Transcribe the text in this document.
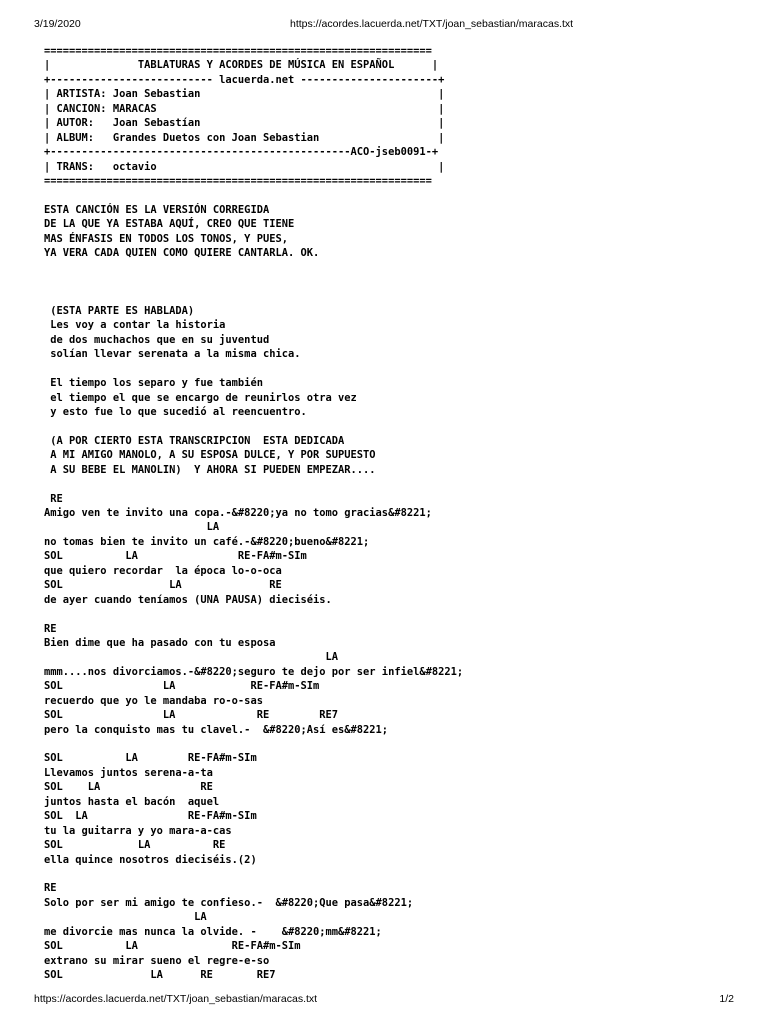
3/19/2020	https://acordes.lacuerda.net/TXT/joan_sebastian/maracas.txt
==============================================================
|              TABLATURAS Y ACORDES DE MÚSICA EN ESPAÑOL      |
+-------------------------- lacuerda.net ----------------------+
| ARTISTA: Joan Sebastian                                      |
| CANCION: MARACAS                                             |
| AUTOR:   Joan Sebastían                                      |
| ALBUM:   Grandes Duetos con Joan Sebastian                   |
+------------------------------------------------ACO-jseb0091-+
| TRANS:   octavio                                             |
==============================================================
ESTA CANCIÓN ES LA VERSIÓN CORREGIDA
DE LA QUE YA ESTABA AQUÍ, CREO QUE TIENE
MAS ÉNFASIS EN TODOS LOS TONOS, Y PUES,
YA VERA CADA QUIEN COMO QUIERE CANTARLA. OK.
(ESTA PARTE ES HABLADA)
Les voy a contar la historia
de dos muchachos que en su juventud
solían llevar serenata a la misma chica.
El tiempo los separo y fue también
el tiempo el que se encargo de reunirlos otra vez
y esto fue lo que sucedió al reencuentro.
(A POR CIERTO ESTA TRANSCRIPCION  ESTA DEDICADA
A MI AMIGO MANOLO, A SU ESPOSA DULCE, Y POR SUPUESTO
A SU BEBE EL MANOLIN)  Y AHORA SI PUEDEN EMPEZAR....
RE
Amigo ven te invito una copa.-&#8220;ya no tomo gracias&#8221;
LA
no tomas bien te invito un café.-&#8220;bueno&#8221;
SOL          LA                RE-FA#m-SIm
que quiero recordar  la época lo-o-oca
SOL                 LA              RE
de ayer cuando teníamos (UNA PAUSA) dieciséis.
RE
Bien dime que ha pasado con tu esposa
LA
mmm....nos divorciamos.-&#8220;seguro te dejo por ser infiel&#8221;
SOL                LA            RE-FA#m-SIm
recuerdo que yo le mandaba ro-o-sas
SOL                LA             RE        RE7
pero la conquisto mas tu clavel.-  &#8220;Así es&#8221;
SOL          LA        RE-FA#m-SIm
Llevamos juntos serena-a-ta
SOL    LA                RE
juntos hasta el bacón  aquel
SOL  LA                RE-FA#m-SIm
tu la guitarra y yo mara-a-cas
SOL            LA          RE
ella quince nosotros dieciséis.(2)
RE
Solo por ser mi amigo te confieso.-  &#8220;Que pasa&#8221;
LA
me divorcie mas nunca la olvide. -    &#8220;mm&#8221;
SOL          LA               RE-FA#m-SIm
extrano su mirar sueno el regre-e-so
SOL              LA      RE       RE7
https://acordes.lacuerda.net/TXT/joan_sebastian/maracas.txt	1/2
